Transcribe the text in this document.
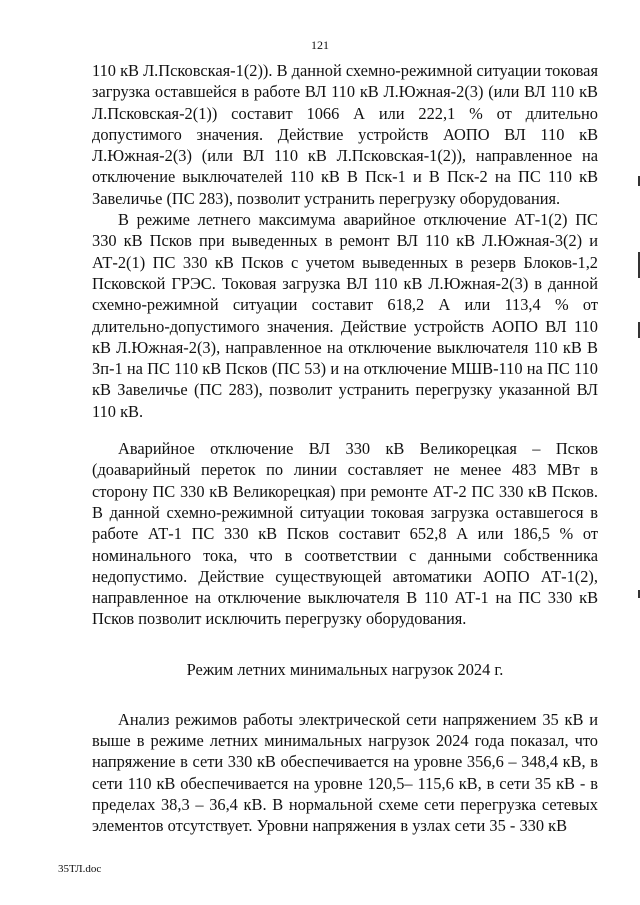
121

110 кВ Л.Псковская-1(2)). В данной схемно-режимной ситуации токовая загрузка оставшейся в работе ВЛ 110 кВ Л.Южная-2(3) (или ВЛ 110 кВ Л.Псковская-2(1)) составит 1066 А или 222,1 % от длительно допустимого значения. Действие устройств АОПО ВЛ 110 кВ Л.Южная-2(3) (или ВЛ 110 кВ Л.Псковская-1(2)), направленное на отключение выключателей 110 кВ В Пск-1 и В Пск-2 на ПС 110 кВ Завеличье (ПС 283), позволит устранить перегрузку оборудования.

В режиме летнего максимума аварийное отключение АТ-1(2) ПС 330 кВ Псков при выведенных в ремонт ВЛ 110 кВ Л.Южная-3(2) и АТ-2(1) ПС 330 кВ Псков с учетом выведенных в резерв Блоков-1,2 Псковской ГРЭС. Токовая загрузка ВЛ 110 кВ Л.Южная-2(3) в данной схемно-режимной ситуации составит 618,2 А или 113,4 % от длительно-допустимого значения. Действие устройств АОПО ВЛ 110 кВ Л.Южная-2(3), направленное на отключение выключателя 110 кВ В Зп-1 на ПС 110 кВ Псков (ПС 53) и на отключение МШВ-110 на ПС 110 кВ Завеличье (ПС 283), позволит устранить перегрузку указанной ВЛ 110 кВ.

Аварийное отключение ВЛ 330 кВ Великорецкая – Псков (доаварийный переток по линии составляет не менее 483 МВт в сторону ПС 330 кВ Великорецкая) при ремонте АТ-2 ПС 330 кВ Псков. В данной схемно-режимной ситуации токовая загрузка оставшегося в работе АТ-1 ПС 330 кВ Псков составит 652,8 А или 186,5 % от номинального тока, что в соответствии с данными собственника недопустимо. Действие существующей автоматики АОПО АТ-1(2), направленное на отключение выключателя В 110 АТ-1 на ПС 330 кВ Псков позволит исключить перегрузку оборудования.

Режим летних минимальных нагрузок 2024 г.

Анализ режимов работы электрической сети напряжением 35 кВ и выше в режиме летних минимальных нагрузок 2024 года показал, что напряжение в сети 330 кВ обеспечивается на уровне 356,6 – 348,4 кВ, в сети 110 кВ обеспечивается на уровне 120,5– 115,6 кВ, в сети 35 кВ - в пределах 38,3 – 36,4 кВ. В нормальной схеме сети перегрузка сетевых элементов отсутствует. Уровни напряжения в узлах сети 35 - 330 кВ

35ТЛ.doc
